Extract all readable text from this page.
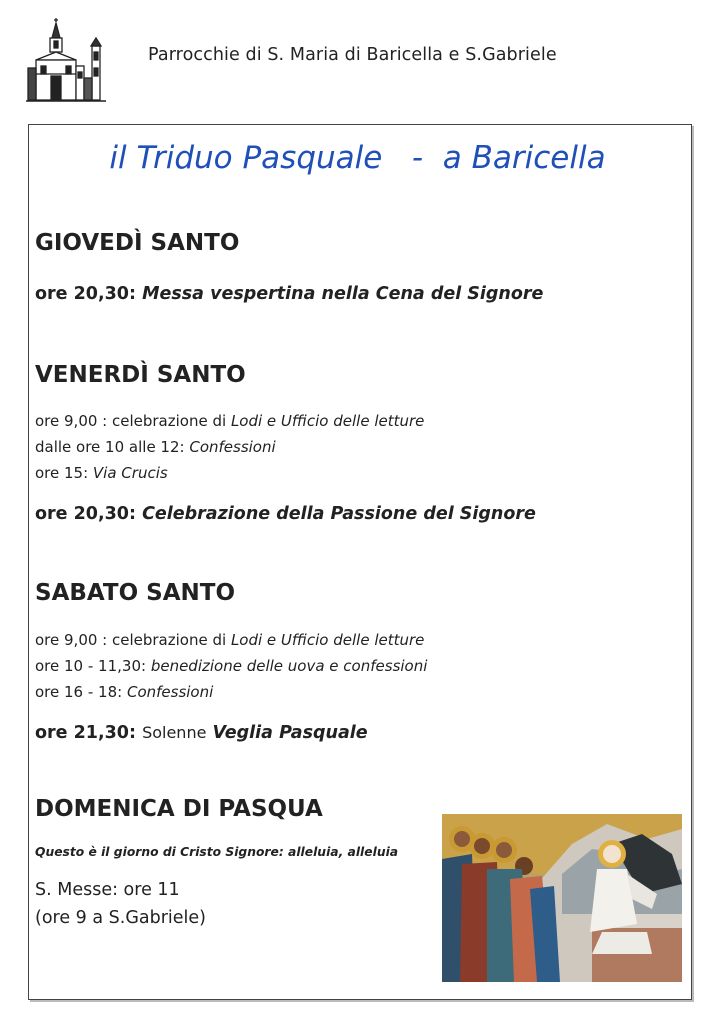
Parrocchie di S. Maria di Baricella e S.Gabriele
il Triduo Pasquale   -  a Baricella
GIOVEDÌ SANTO
ore 20,30: Messa vespertina nella Cena del Signore
VENERDÌ SANTO
ore 9,00 : celebrazione di Lodi e Ufficio delle letture
dalle ore 10 alle 12: Confessioni
ore 15: Via Crucis
ore 20,30: Celebrazione della Passione del Signore
SABATO SANTO
ore 9,00 : celebrazione di Lodi e Ufficio delle letture
ore 10 - 11,30: benedizione delle uova e confessioni
ore 16 - 18: Confessioni
ore 21,30: Solenne Veglia Pasquale
DOMENICA DI PASQUA
Questo è il giorno di Cristo Signore: alleluia, alleluia
S. Messe: ore 11
(ore 9 a S.Gabriele)
